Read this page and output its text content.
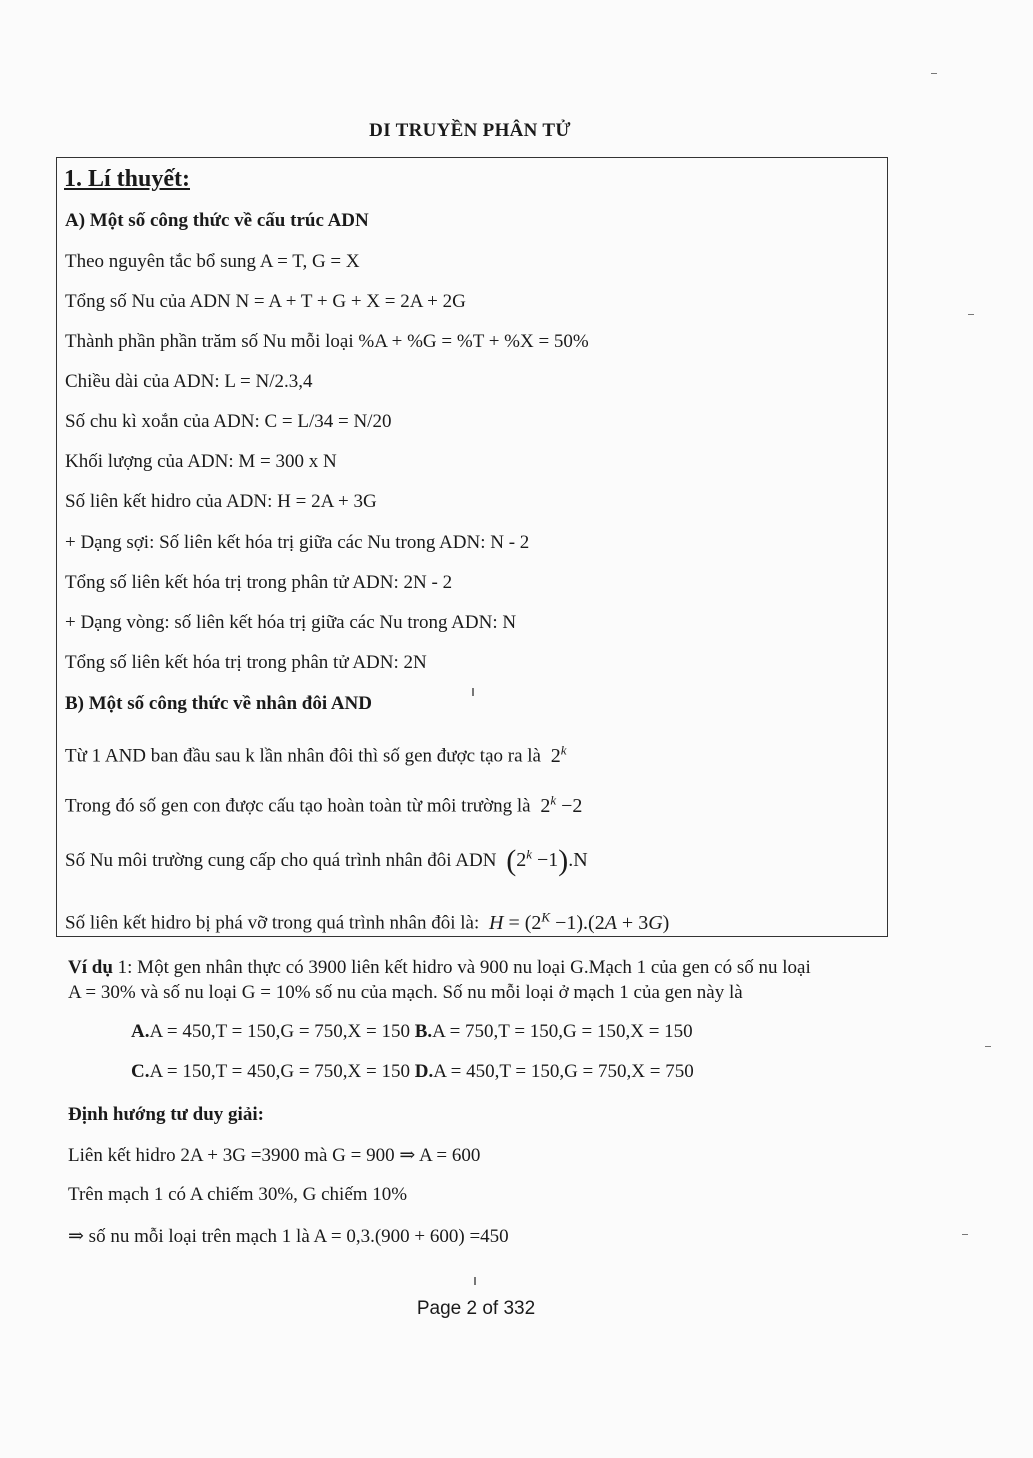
DI TRUYỀN PHÂN TỬ
1. Lí thuyết:
A) Một số công thức về cấu trúc ADN
Theo nguyên tắc bổ sung A = T, G = X
Tổng số Nu của ADN N = A + T + G + X = 2A + 2G
Thành phần phần trăm số Nu mỗi loại %A + %G = %T + %X = 50%
Chiều dài của ADN: L = N/2.3,4
Số chu kì xoắn của ADN: C = L/34 = N/20
Khối lượng của ADN: M = 300 x N
Số liên kết hidro của ADN: H = 2A + 3G
+ Dạng sợi: Số liên kết hóa trị giữa các Nu trong ADN: N - 2
Tổng số liên kết hóa trị trong phân tử ADN: 2N - 2
+ Dạng vòng: số liên kết hóa trị giữa các Nu trong ADN: N
Tổng số liên kết hóa trị trong phân tử ADN: 2N
B) Một số công thức về nhân đôi AND
Từ 1 AND ban đầu sau k lần nhân đôi thì số gen được tạo ra là  2$^k$
Trong đó số gen con được cấu tạo hoàn toàn từ môi trường là  $2^k -2$
Số Nu môi trường cung cấp cho quá trình nhân đôi ADN $(2^k -1).N$
Số liên kết hidro bị phá vỡ trong quá trình nhân đôi là: $H = (2^K -1).(2A + 3G)$
Ví dụ 1: Một gen nhân thực có 3900 liên kết hidro và 900 nu loại G.Mạch 1 của gen có số nu loại
A = 30% và số nu loại G = 10% số nu của mạch. Số nu mỗi loại ở mạch 1 của gen này là
A.A = 450,T = 150,G = 750,X = 150 B.A = 750,T = 150,G = 150,X = 150
C.A = 150,T = 450,G = 750,X = 150 D.A = 450,T = 150,G = 750,X = 750
Định hướng tư duy giải:
Liên kết hidro 2A + 3G =3900 mà G = 900 ⇒ A = 600
Trên mạch 1 có A chiếm 30%, G chiếm 10%
⇒ số nu mỗi loại trên mạch 1 là A = 0,3.(900 + 600) =450
Page 2 of 332
